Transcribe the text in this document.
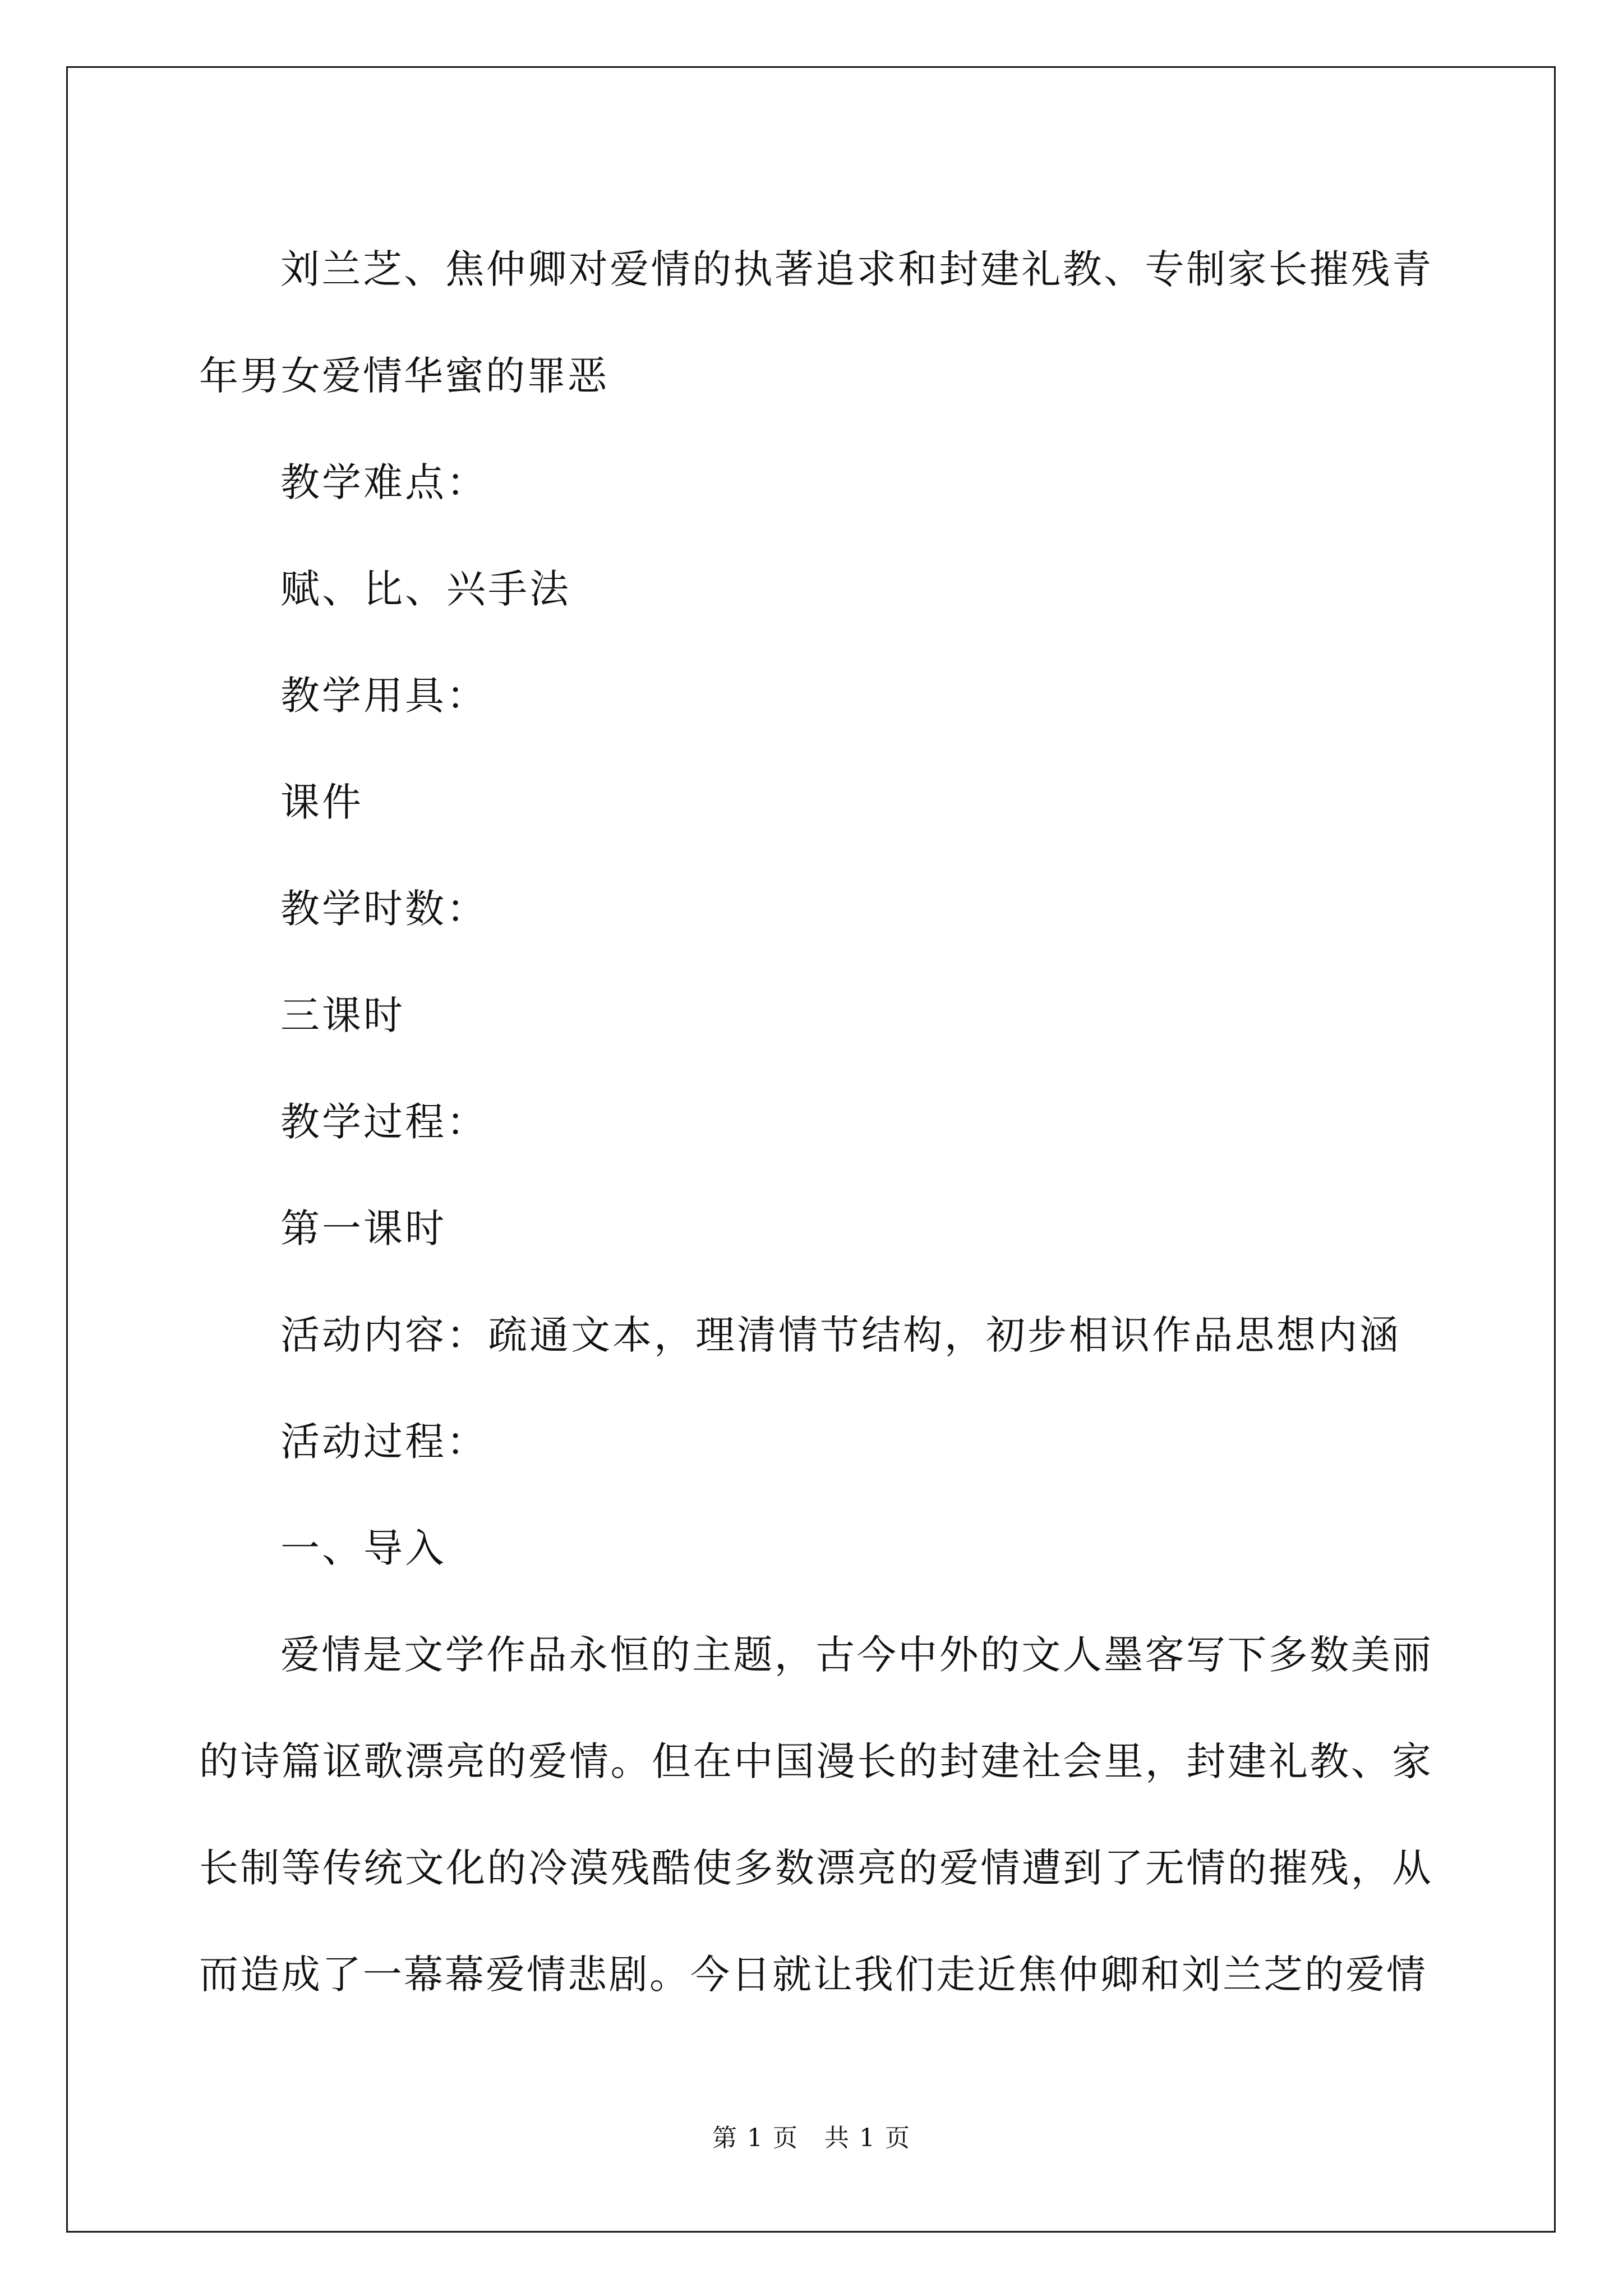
刘兰芝、焦仲卿对爱情的执著追求和封建礼教、专制家长摧残青年男女爱情华蜜的罪恶

教学难点：

赋、比、兴手法

教学用具：

课件

教学时数：

三课时

教学过程：

第一课时

活动内容：疏通文本，理清情节结构，初步相识作品思想内涵

活动过程：

一、导入

爱情是文学作品永恒的主题，古今中外的文人墨客写下多数美丽的诗篇讴歌漂亮的爱情。但在中国漫长的封建社会里，封建礼教、家长制等传统文化的冷漠残酷使多数漂亮的爱情遭到了无情的摧残，从而造成了一幕幕爱情悲剧。今日就让我们走近焦仲卿和刘兰芝的爱情

第 1 页　共 1 页
